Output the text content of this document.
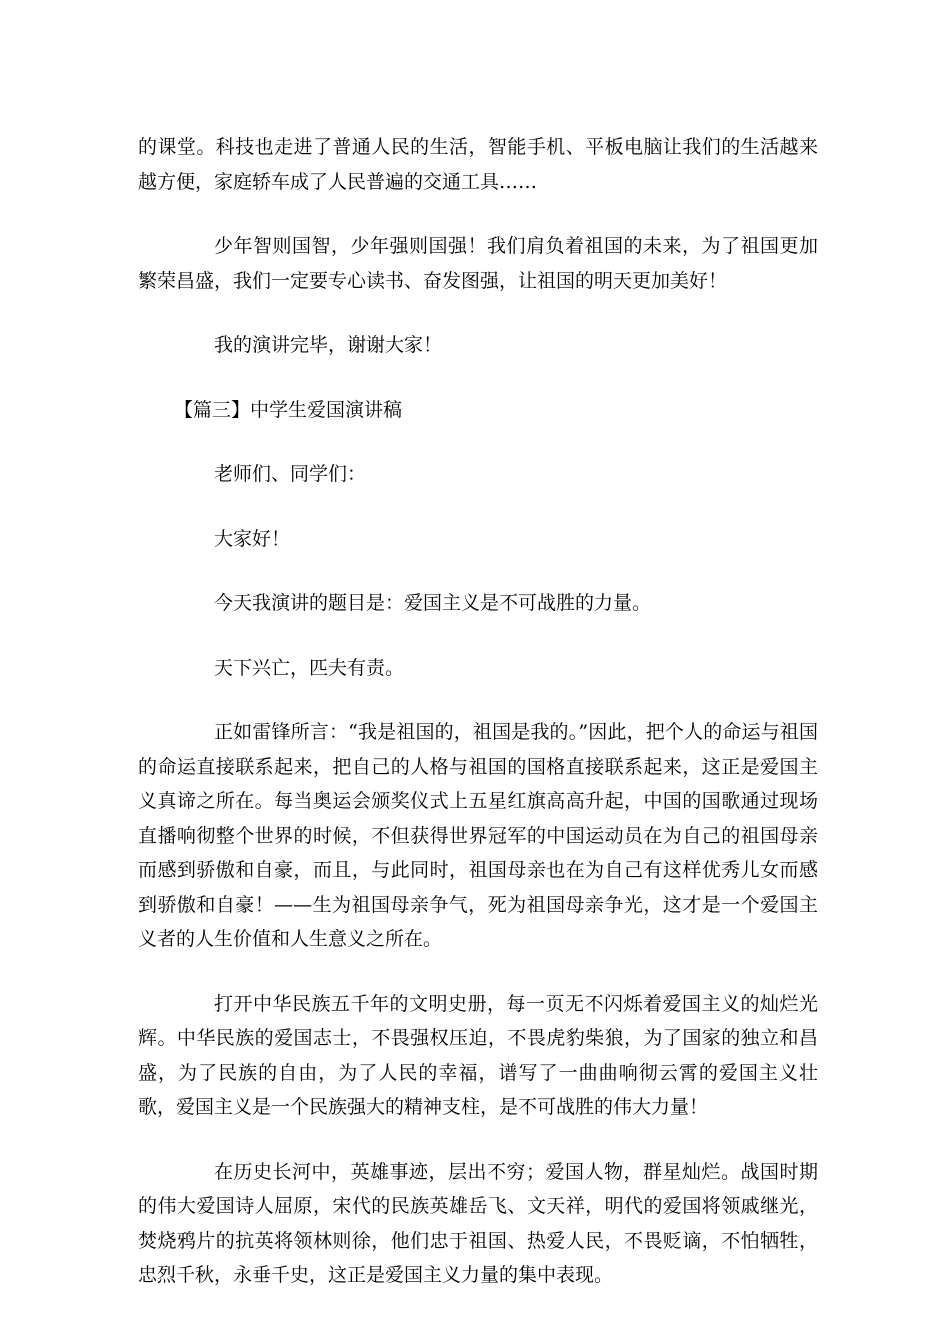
的课堂。科技也走进了普通人民的生活，智能手机、平板电脑让我们的生活越来越方便，家庭轿车成了人民普遍的交通工具……

少年智则国智，少年强则国强！我们肩负着祖国的未来，为了祖国更加繁荣昌盛，我们一定要专心读书、奋发图强，让祖国的明天更加美好！

我的演讲完毕，谢谢大家！

【篇三】中学生爱国演讲稿

老师们、同学们：

大家好！

今天我演讲的题目是：爱国主义是不可战胜的力量。

天下兴亡，匹夫有责。

正如雷锋所言：“我是祖国的，祖国是我的。”因此，把个人的命运与祖国的命运直接联系起来，把自己的人格与祖国的国格直接联系起来，这正是爱国主义真谛之所在。每当奥运会颁奖仪式上五星红旗高高升起，中国的国歌通过现场直播响彻整个世界的时候，不但获得世界冠军的中国运动员在为自己的祖国母亲而感到骄傲和自豪，而且，与此同时，祖国母亲也在为自己有这样优秀儿女而感到骄傲和自豪！——生为祖国母亲争气，死为祖国母亲争光，这才是一个爱国主义者的人生价值和人生意义之所在。

打开中华民族五千年的文明史册，每一页无不闪烁着爱国主义的灿烂光辉。中华民族的爱国志士，不畏强权压迫，不畏虎豹柴狼，为了国家的独立和昌盛，为了民族的自由，为了人民的幸福，谱写了一曲曲响彻云霄的爱国主义壮歌，爱国主义是一个民族强大的精神支柱，是不可战胜的伟大力量！

在历史长河中，英雄事迹，层出不穷；爱国人物，群星灿烂。战国时期的伟大爱国诗人屈原，宋代的民族英雄岳飞、文天祥，明代的爱国将领戚继光，焚烧鸦片的抗英将领林则徐，他们忠于祖国、热爱人民，不畏贬谪，不怕牺牲，忠烈千秋，永垂千史，这正是爱国主义力量的集中表现。
